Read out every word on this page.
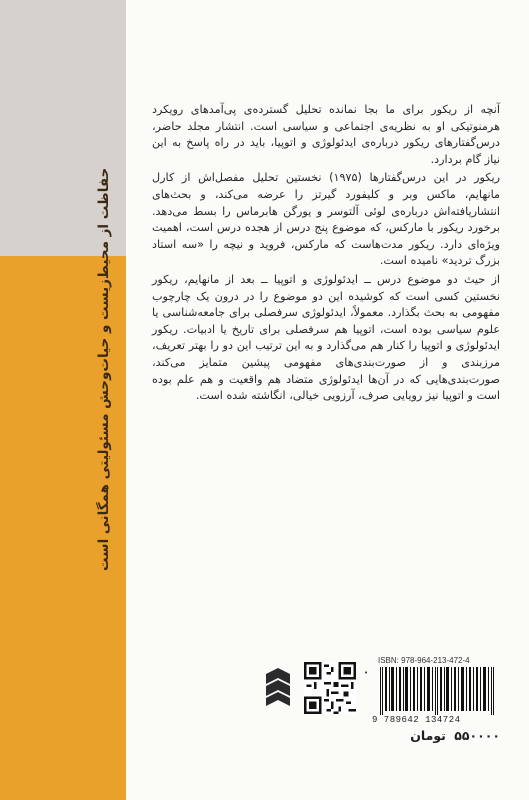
حفاظت از محیط‌زیست و حیات‌وحش مسئولیتی همگانی است

آنچه از ریکور برای ما بجا نمانده تحلیل گسترده‌ی پی‌آمدهای رویکرد هرمنوتیکی او به نظریه‌ی اجتماعی و سیاسی است. انتشار مجلد حاضر، درس‌گفتارهای ریکور درباره‌ی ایدئولوژی و اتوپیا، باید در راه پاسخ به این نیاز گام بردارد.

ریکور در این درس‌گفتارها (۱۹۷۵) نخستین تحلیل مفصل‌اش از کارل مانهایم، ماکس وبر و کلیفورد گیرتز را عرضه می‌کند، و بحث‌های انتشاریافته‌اش درباره‌ی لوئی آلتوسر و یورگن هابرماس را بسط می‌دهد. برخورد ریکور با مارکس، که موضوع پنج درس از هجده درس است، اهمیت ویژه‌ای دارد. ریکور مدت‌هاست که مارکس، فروید و نیچه را «سه استاد بزرگ تردید» نامیده است.

از حیث دو موضوع درس ــ ایدئولوژی و اتوپیا ــ بعد از مانهایم، ریکور نخستین کسی است که کوشیده این دو موضوع را در درون یک چارچوب مفهومی به بحث بگذارد. معمولاً، ایدئولوژی سرفصلی برای جامعه‌شناسی یا علوم سیاسی بوده است، اتوپیا هم سرفصلی برای تاریخ یا ادبیات. ریکور ایدئولوژی و اتوپیا را کنار هم می‌گذارد و به این ترتیب این دو را بهتر تعریف، مرزبندی و از صورت‌بندی‌های مفهومی پیشین متمایز می‌کند، صورت‌بندی‌هایی که در آن‌ها ایدئولوژی متضاد هم واقعیت و هم علم بوده است و اتوپیا نیز رویایی صرف، آرزویی خیالی، انگاشته شده است.

•
ISBN: 978-964-213-472-4
9 789642 134724
۵۵۰۰۰۰ تومان
